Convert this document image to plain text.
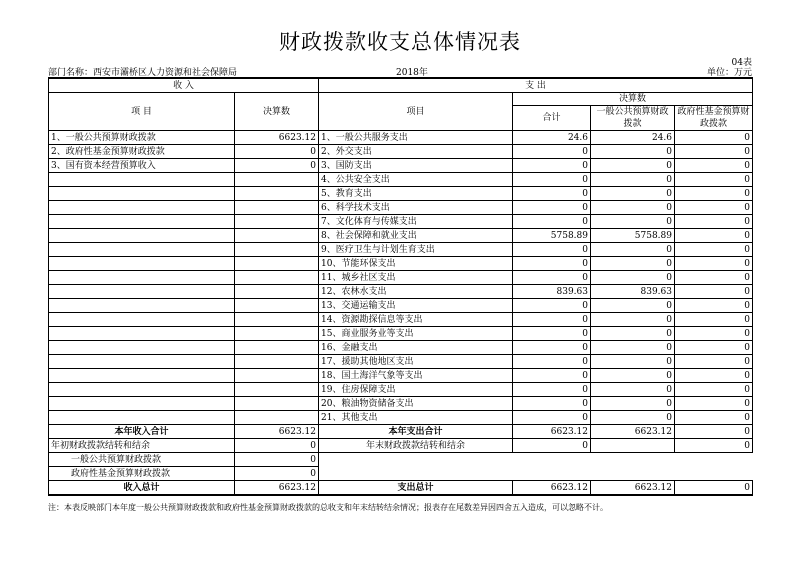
财政拨款收支总体情况表
04表
部门名称：西安市灞桥区人力资源和社会保障局	2018年	单位：万元
收 入		支 出			
项 目	决算数	项目	决算数		
			合计	一般公共预算财政拨款	政府性基金预算财政拨款

1、一般公共预算财政拨款	6623.12	1、一般公共服务支出	24.6	24.6	0
2、政府性基金预算财政拨款	0	2、外交支出	0	0	0
3、国有资本经营预算收入	0	3、国防支出	0	0	0
		4、公共安全支出	0	0	0
		5、教育支出	0	0	0
		6、科学技术支出	0	0	0
		7、文化体育与传媒支出	0	0	0
		8、社会保障和就业支出	5758.89	5758.89	0
		9、医疗卫生与计划生育支出	0	0	0
		10、节能环保支出	0	0	0
		11、城乡社区支出	0	0	0
		12、农林水支出	839.63	839.63	0
		13、交通运输支出	0	0	0
		14、资源勘探信息等支出	0	0	0
		15、商业服务业等支出	0	0	0
		16、金融支出	0	0	0
		17、援助其他地区支出	0	0	0
		18、国土海洋气象等支出	0	0	0
		19、住房保障支出	0	0	0
		20、粮油物资储备支出	0	0	0
		21、其他支出	0	0	0
本年收入合计	6623.12	本年支出合计	6623.12	6623.12	0
年初财政拨款结转和结余	0	年末财政拨款结转和结余	0		0
一般公共预算财政拨款	0				
政府性基金预算财政拨款	0				
收入总计	6623.12	支出总计	6623.12	6623.12	0
注：本表反映部门本年度一般公共预算财政拨款和政府性基金预算财政拨款的总收支和年末结转结余情况；报表存在尾数差异因四舍五入造成，可以忽略不计。
